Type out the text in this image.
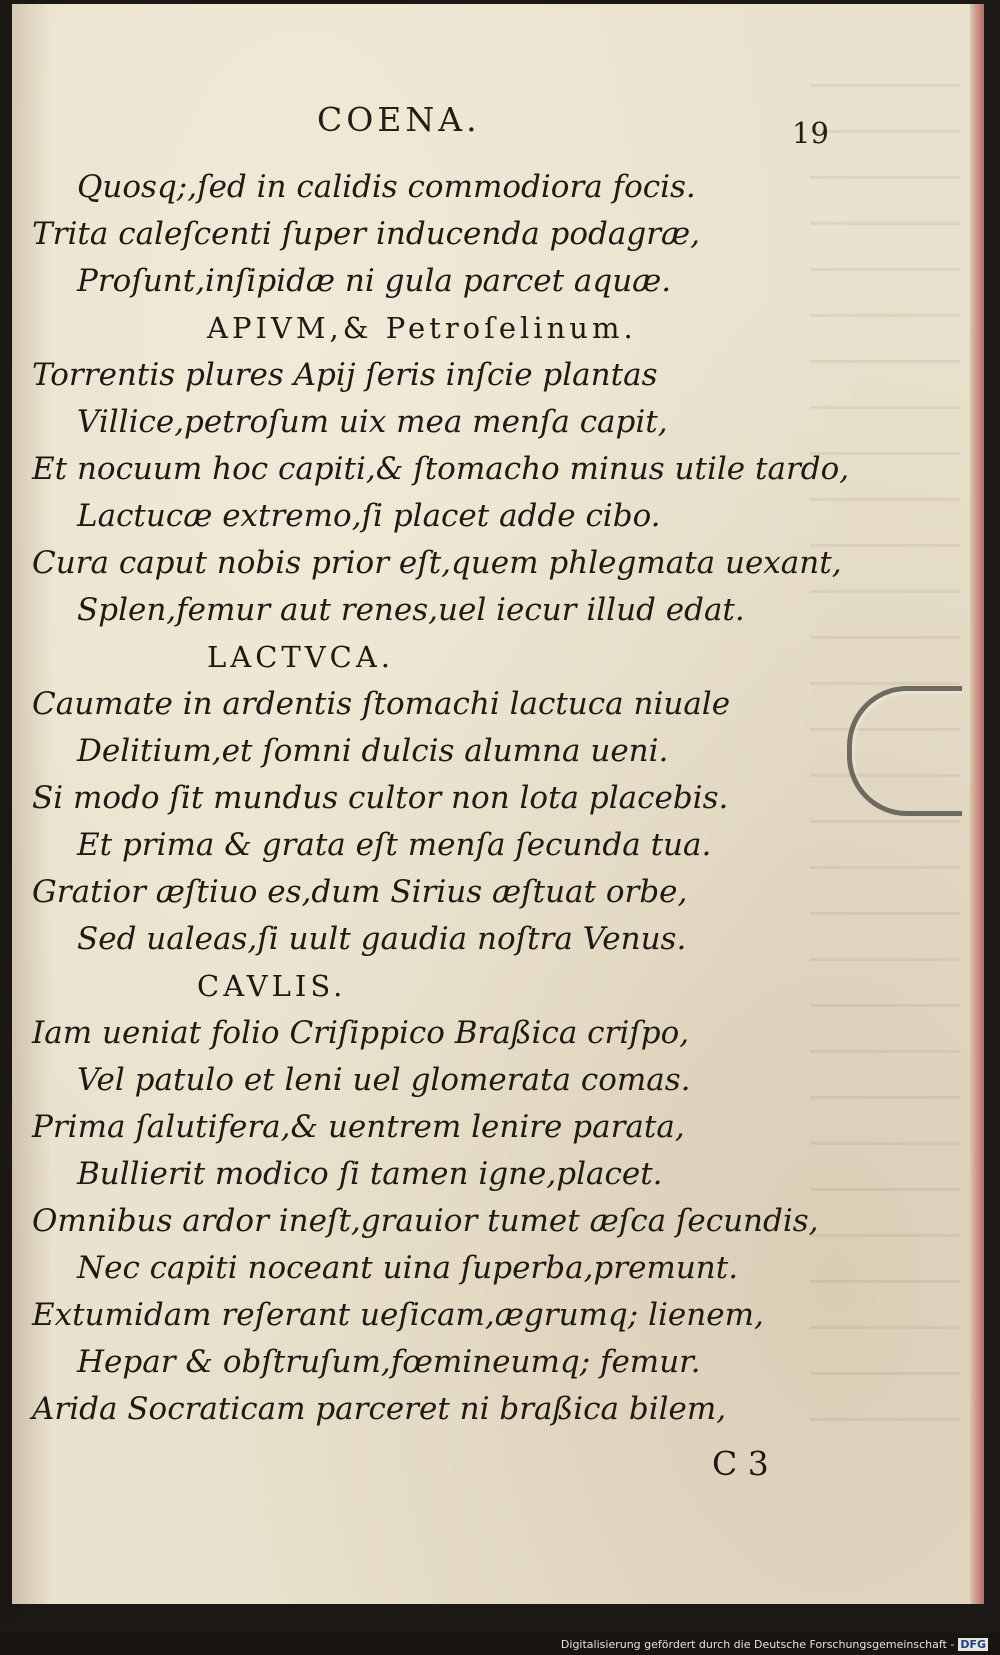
COENA.	19
Quosq;,ſed in calidis commodiora focis.
Trita caleſcenti ſuper inducenda podagræ,
Proſunt,inſipidæ ni gula parcet aquæ.
APIVM,& Petroſelinum.
Torrentis plures Apij ſeris inſcie plantas
Villice,petroſum uix mea menſa capit,
Et nocuum hoc capiti,& ſtomacho minus utile tardo,
Lactucæ extremo,ſi placet adde cibo.
Cura caput nobis prior eſt,quem phlegmata uexant,
Splen,femur aut renes,uel iecur illud edat.
LACTVCA.
Caumate in ardentis ſtomachi lactuca niuale
Delitium,et ſomni dulcis alumna ueni.
Si modo ſit mundus cultor non lota placebis.
Et prima & grata eſt menſa ſecunda tua.
Gratior æſtiuo es,dum Sirius æſtuat orbe,
Sed ualeas,ſi uult gaudia noſtra Venus.
CAVLIS.
Iam ueniat folio Criſippico Braßica criſpo,
Vel patulo et leni uel glomerata comas.
Prima ſalutifera,& uentrem lenire parata,
Bullierit modico ſi tamen igne,placet.
Omnibus ardor ineſt,grauior tumet æſca ſecundis,
Nec capiti noceant uina ſuperba,premunt.
Extumidam reſerant ueſicam,ægrumq; lienem,
Hepar & obſtruſum,fœmineumq; femur.
Arida Socraticam parceret ni braßica bilem,
C 3
Digitalisierung gefördert durch die Deutsche Forschungsgemeinschaft - DFG
